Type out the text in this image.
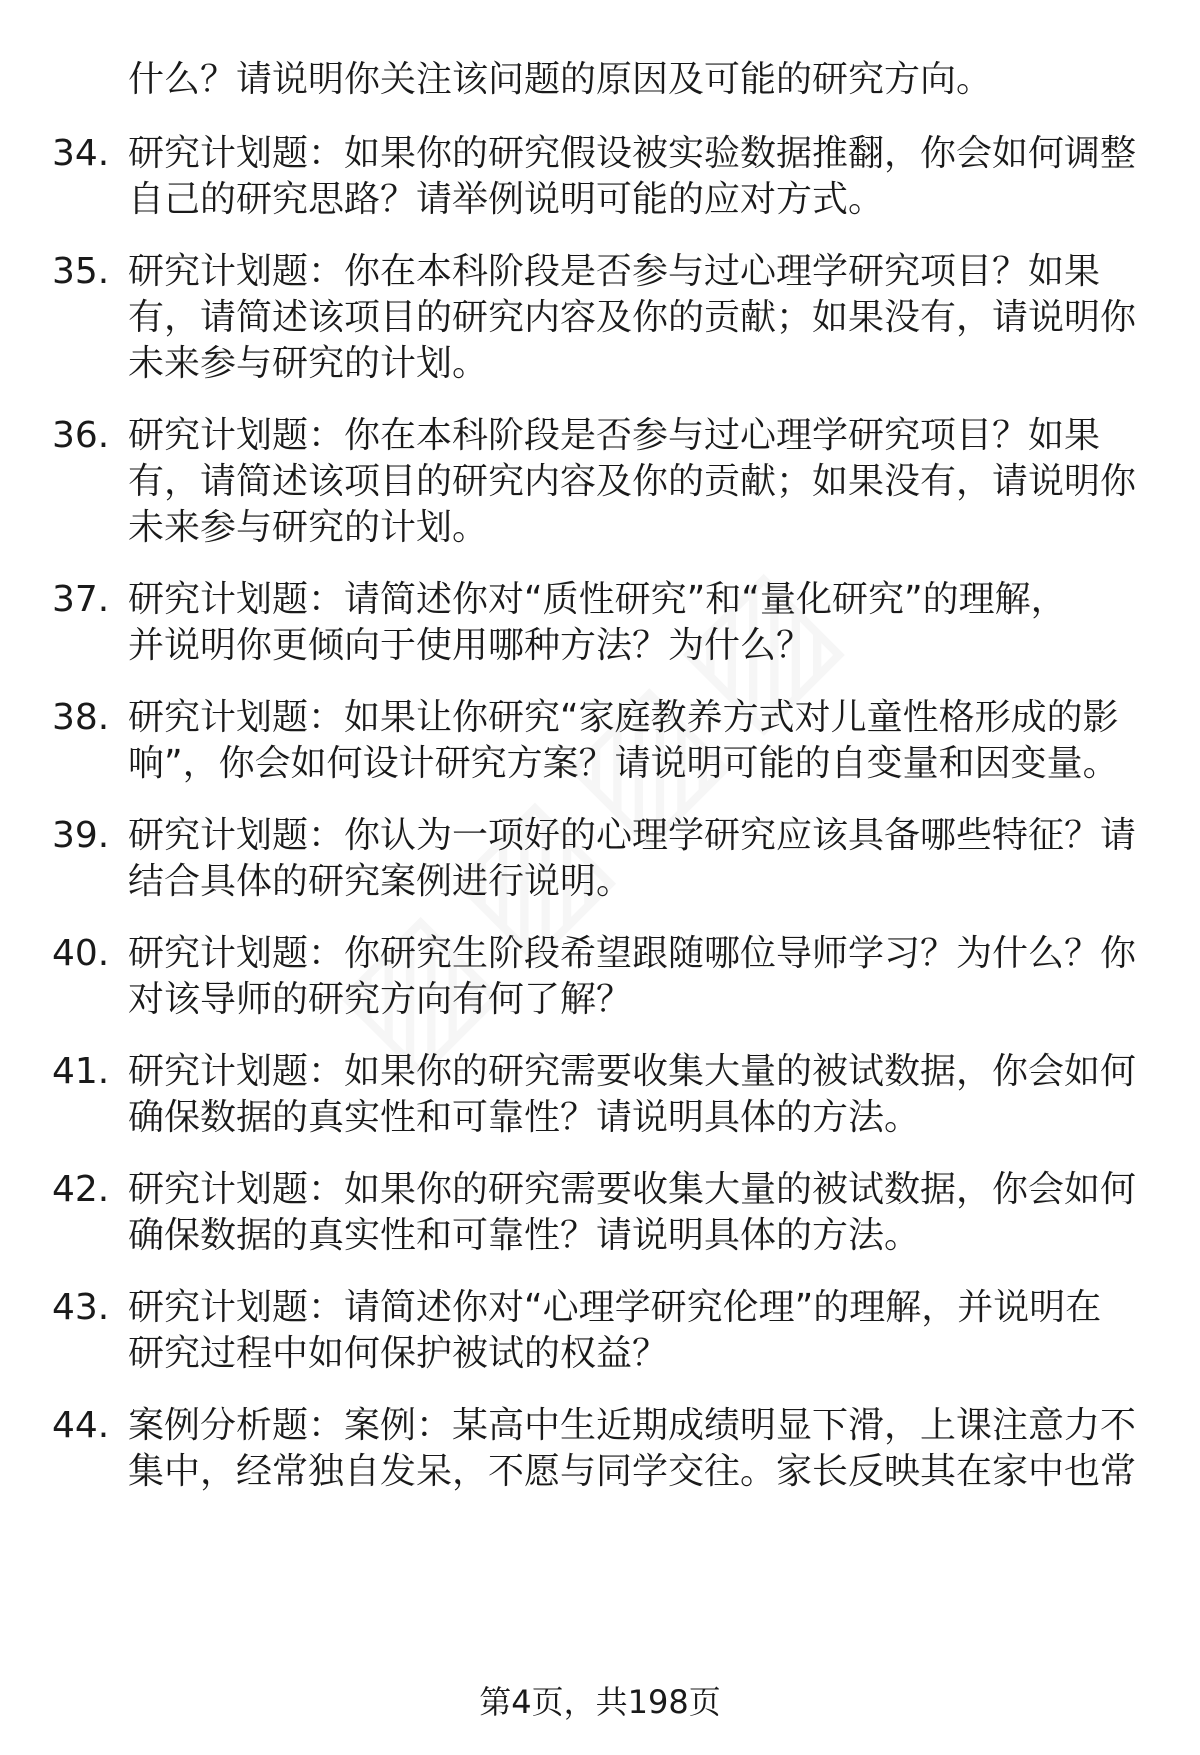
什么？请说明你关注该问题的原因及可能的研究方向。
34. 研究计划题：如果你的研究假设被实验数据推翻，你会如何调整
自己的研究思路？请举例说明可能的应对方式。
35. 研究计划题：你在本科阶段是否参与过心理学研究项目？如果
有，请简述该项目的研究内容及你的贡献；如果没有，请说明你
未来参与研究的计划。
36. 研究计划题：你在本科阶段是否参与过心理学研究项目？如果
有，请简述该项目的研究内容及你的贡献；如果没有，请说明你
未来参与研究的计划。
37. 研究计划题：请简述你对“质性研究”和“量化研究”的理解，
并说明你更倾向于使用哪种方法？为什么？
38. 研究计划题：如果让你研究“家庭教养方式对儿童性格形成的影
响”，你会如何设计研究方案？请说明可能的自变量和因变量。
39. 研究计划题：你认为一项好的心理学研究应该具备哪些特征？请
结合具体的研究案例进行说明。
40. 研究计划题：你研究生阶段希望跟随哪位导师学习？为什么？你
对该导师的研究方向有何了解？
41. 研究计划题：如果你的研究需要收集大量的被试数据，你会如何
确保数据的真实性和可靠性？请说明具体的方法。
42. 研究计划题：如果你的研究需要收集大量的被试数据，你会如何
确保数据的真实性和可靠性？请说明具体的方法。
43. 研究计划题：请简述你对“心理学研究伦理”的理解，并说明在
研究过程中如何保护被试的权益？
44. 案例分析题：案例：某高中生近期成绩明显下滑，上课注意力不
集中，经常独自发呆，不愿与同学交往。家长反映其在家中也常
第4页，共198页
